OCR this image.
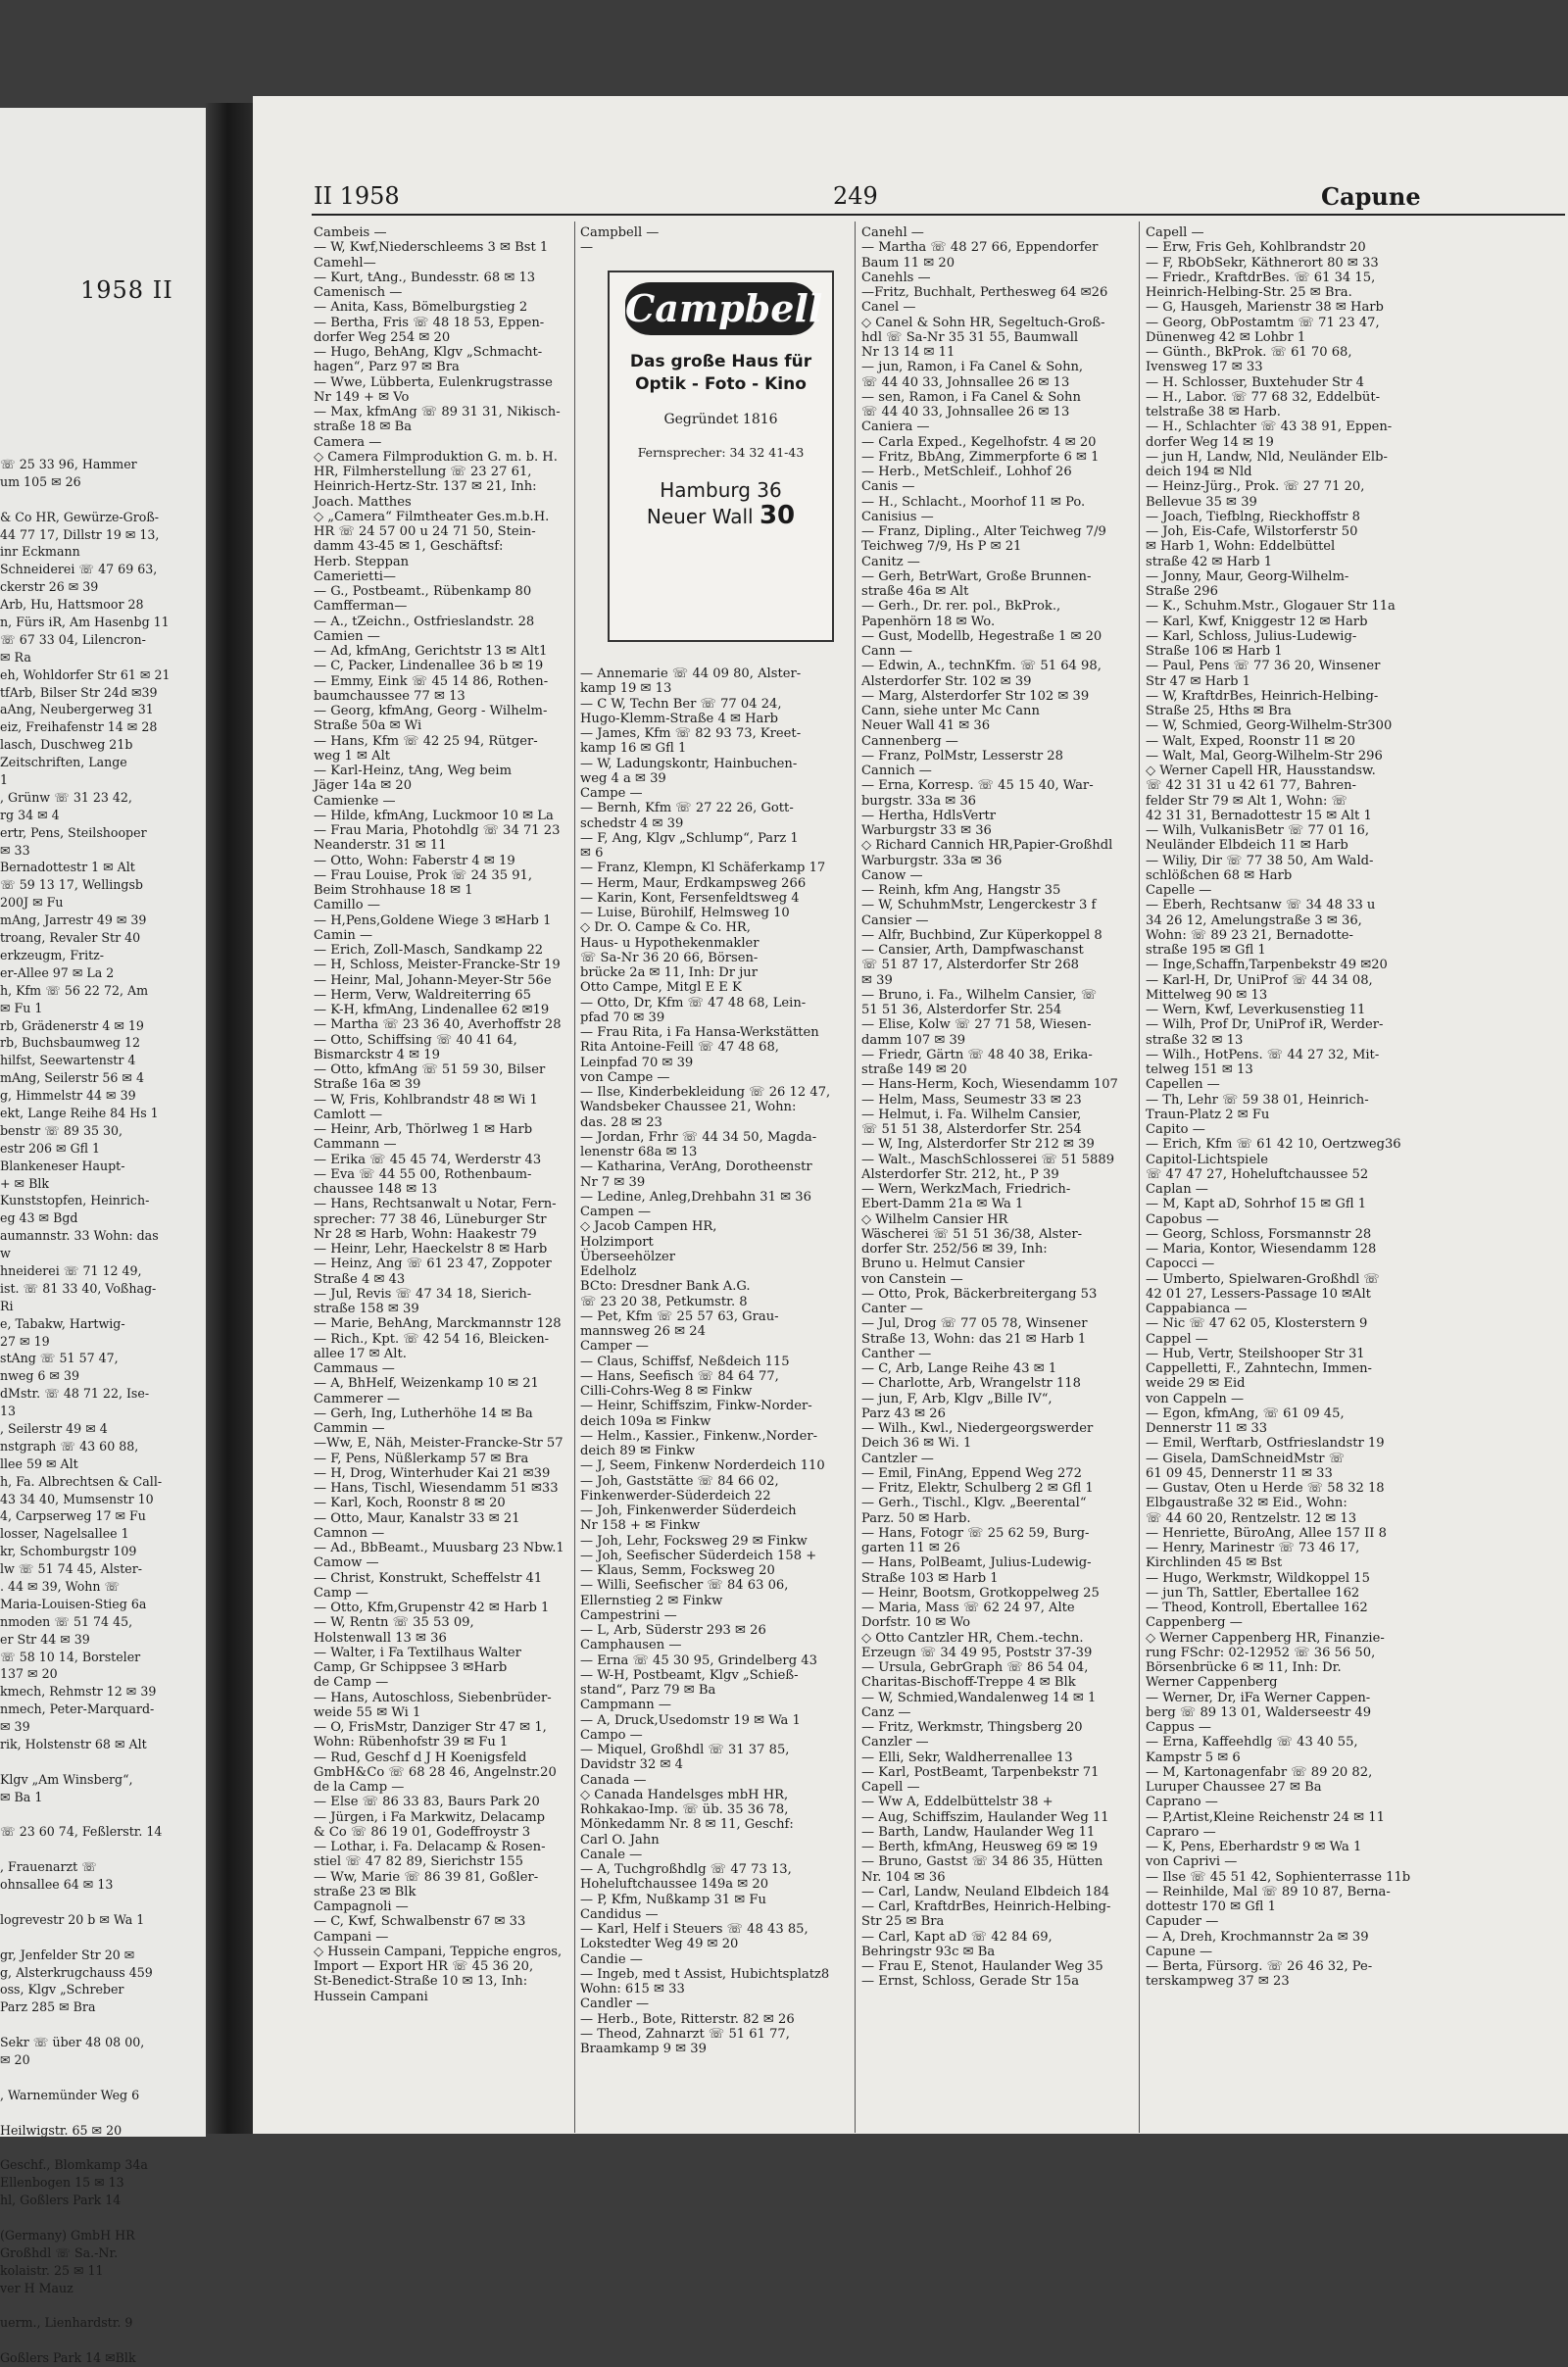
1958 II
☏ 25 33 96, Hammer
um 105 ✉ 26
& Co HR, Gewürze-Groß-
44 77 17, Dillstr 19 ✉ 13,
inr Eckmann
Schneiderei ☏ 47 69 63,
ckerstr 26 ✉ 39
Arb, Hu, Hattsmoor 28
n, Fürs iR, Am Hasenbg 11
☏ 67 33 04, Lilencron-
✉ Ra
eh, Wohldorfer Str 61 ✉ 21
tfArb, Bilser Str 24d ✉39
aAng, Neubergerweg 31
eiz, Freihafenstr 14 ✉ 28
lasch, Duschweg 21b
Zeitschriften, Lange
1
, Grünw ☏ 31 23 42,
rg 34 ✉ 4
ertr, Pens, Steilshooper
✉ 33
Bernadottestr 1 ✉ Alt
☏ 59 13 17, Wellingsb
200J ✉ Fu
mAng, Jarrestr 49 ✉ 39
troang, Revaler Str 40
erkzeugm, Fritz-
er-Allee 97 ✉ La 2
h, Kfm ☏ 56 22 72, Am
✉ Fu 1
rb, Grädenerstr 4 ✉ 19
rb, Buchsbaumweg 12
hilfst, Seewartenstr 4
mAng, Seilerstr 56 ✉ 4
g, Himmelstr 44 ✉ 39
ekt, Lange Reihe 84 Hs 1
benstr ☏ 89 35 30,
estr 206 ✉ Gfl 1
Blankeneser Haupt-
+ ✉ Blk
Kunststopfen, Heinrich-
eg 43 ✉ Bgd
aumannstr. 33 Wohn: das
w
hneiderei ☏ 71 12 49,
ist. ☏ 81 33 40, Voßhag-
Ri
e, Tabakw, Hartwig-
27 ✉ 19
stAng ☏ 51 57 47,
nweg 6 ✉ 39
dMstr. ☏ 48 71 22, Ise-
13
, Seilerstr 49 ✉ 4
nstgraph ☏ 43 60 88,
llee 59 ✉ Alt
h, Fa. Albrechtsen & Call-
43 34 40, Mumsenstr 10
4, Carpserweg 17 ✉ Fu
losser, Nagelsallee 1
kr, Schomburgstr 109
lw ☏ 51 74 45, Alster-
. 44 ✉ 39, Wohn ☏
Maria-Louisen-Stieg 6a
nmoden ☏ 51 74 45,
er Str 44 ✉ 39
☏ 58 10 14, Borsteler
137 ✉ 20
kmech, Rehmstr 12 ✉ 39
nmech, Peter-Marquard-
✉ 39
rik, Holstenstr 68 ✉ Alt
Klgv „Am Winsberg“,
✉ Ba 1
☏ 23 60 74, Feßlerstr. 14
, Frauenarzt ☏
ohnsallee 64 ✉ 13
logrevestr 20 b ✉ Wa 1
gr, Jenfelder Str 20 ✉
g, Alsterkrugchauss 459
oss, Klgv „Schreber
Parz 285 ✉ Bra
Sekr ☏ über 48 08 00,
✉ 20
, Warnemünder Weg 6
Heilwigstr. 65 ✉ 20
Geschf., Blomkamp 34a
Ellenbogen 15 ✉ 13
hl, Goßlers Park 14
(Germany) GmbH HR
Großhdl ☏ Sa.-Nr.
kolaistr. 25 ✉ 11
ver H Mauz
uerm., Lienhardstr. 9
Goßlers Park 14 ✉Blk
II 1958	249	Capune
Cambeis —
— W, Kwf,Niederschleems 3 ✉ Bst 1
Camehl—
— Kurt, tAng., Bundesstr. 68 ✉ 13
Camenisch —
— Anita, Kass, Bömelburgstieg 2
— Bertha, Fris ☏ 48 18 53, Eppen-
dorfer Weg 254 ✉ 20
— Hugo, BehAng, Klgv „Schmacht-
hagen“, Parz 97 ✉ Bra
— Wwe, Lübberta, Eulenkrugstrasse
Nr 149 + ✉ Vo
— Max, kfmAng ☏ 89 31 31, Nikisch-
straße 18 ✉ Ba
Camera —
◇ Camera Filmproduktion G. m. b. H.
HR, Filmherstellung ☏ 23 27 61,
Heinrich-Hertz-Str. 137 ✉ 21, Inh:
Joach. Matthes
◇ „Camera“ Filmtheater Ges.m.b.H.
HR ☏ 24 57 00 u 24 71 50, Stein-
damm 43-45 ✉ 1, Geschäftsf:
Herb. Steppan
Camerietti—
— G., Postbeamt., Rübenkamp 80
Camfferman—
— A., tZeichn., Ostfrieslandstr. 28
Camien —
— Ad, kfmAng, Gerichtstr 13 ✉ Alt1
— C, Packer, Lindenallee 36 b ✉ 19
— Emmy, Eink ☏ 45 14 86, Rothen-
baumchaussee 77 ✉ 13
— Georg, kfmAng, Georg - Wilhelm-
Straße 50a ✉ Wi
— Hans, Kfm ☏ 42 25 94, Rütger-
weg 1 ✉ Alt
— Karl-Heinz, tAng, Weg beim
Jäger 14a ✉ 20
Camienke —
— Hilde, kfmAng, Luckmoor 10 ✉ La
— Frau Maria, Photohdlg ☏ 34 71 23
Neanderstr. 31 ✉ 11
— Otto, Wohn: Faberstr 4 ✉ 19
— Frau Louise, Prok ☏ 24 35 91,
Beim Strohhause 18 ✉ 1
Camillo —
— H,Pens,Goldene Wiege 3 ✉Harb 1
Camin —
— Erich, Zoll-Masch, Sandkamp 22
— H, Schloss, Meister-Francke-Str 19
— Heinr, Mal, Johann-Meyer-Str 56e
— Herm, Verw, Waldreiterring 65
— K-H, kfmAng, Lindenallee 62 ✉19
— Martha ☏ 23 36 40, Averhoffstr 28
— Otto, Schiffsing ☏ 40 41 64,
Bismarckstr 4 ✉ 19
— Otto, kfmAng ☏ 51 59 30, Bilser
Straße 16a ✉ 39
— W, Fris, Kohlbrandstr 48 ✉ Wi 1
Camlott —
— Heinr, Arb, Thörlweg 1 ✉ Harb
Cammann —
— Erika ☏ 45 45 74, Werderstr 43
— Eva ☏ 44 55 00, Rothenbaum-
chaussee 148 ✉ 13
— Hans, Rechtsanwalt u Notar, Fern-
sprecher: 77 38 46, Lüneburger Str
Nr 28 ✉ Harb, Wohn: Haakestr 79
— Heinr, Lehr, Haeckelstr 8 ✉ Harb
— Heinz, Ang ☏ 61 23 47, Zoppoter
Straße 4 ✉ 43
— Jul, Revis ☏ 47 34 18, Sierich-
straße 158 ✉ 39
— Marie, BehAng, Marckmannstr 128
— Rich., Kpt. ☏ 42 54 16, Bleicken-
allee 17 ✉ Alt.
Cammaus —
— A, BhHelf, Weizenkamp 10 ✉ 21
Cammerer —
— Gerh, Ing, Lutherhöhe 14 ✉ Ba
Cammin —
—Ww, E, Näh, Meister-Francke-Str 57
— F, Pens, Nüßlerkamp 57 ✉ Bra
— H, Drog, Winterhuder Kai 21 ✉39
— Hans, Tischl, Wiesendamm 51 ✉33
— Karl, Koch, Roonstr 8 ✉ 20
— Otto, Maur, Kanalstr 33 ✉ 21
Camnon —
— Ad., BbBeamt., Muusbarg 23 Nbw.1
Camow —
— Christ, Konstrukt, Scheffelstr 41
Camp —
— Otto, Kfm,Grupenstr 42 ✉ Harb 1
— W, Rentn ☏ 35 53 09,
Holstenwall 13 ✉ 36
— Walter, i Fa Textilhaus Walter
Camp, Gr Schippsee 3 ✉Harb
de Camp —
— Hans, Autoschloss, Siebenbrüder-
weide 55 ✉ Wi 1
— O, FrisMstr, Danziger Str 47 ✉ 1,
Wohn: Rübenhofstr 39 ✉ Fu 1
— Rud, Geschf d J H Koenigsfeld
GmbH&Co ☏ 68 28 46, Angelnstr.20
de la Camp —
— Else ☏ 86 33 83, Baurs Park 20
— Jürgen, i Fa Markwitz, Delacamp
& Co ☏ 86 19 01, Godeffroystr 3
— Lothar, i. Fa. Delacamp & Rosen-
stiel ☏ 47 82 89, Sierichstr 155
— Ww, Marie ☏ 86 39 81, Goßler-
straße 23 ✉ Blk
Campagnoli —
— C, Kwf, Schwalbenstr 67 ✉ 33
Campani —
◇ Hussein Campani, Teppiche engros,
Import — Export HR ☏ 45 36 20,
St-Benedict-Straße 10 ✉ 13, Inh:
Hussein Campani
Campbell —
—
Campbell
Das große Haus für
Optik - Foto - Kino
Gegründet 1816
Fernsprecher: 34 32 41-43
Hamburg 36
Neuer Wall 30
— Annemarie ☏ 44 09 80, Alster-
kamp 19 ✉ 13
— C W, Techn Ber ☏ 77 04 24,
Hugo-Klemm-Straße 4 ✉ Harb
— James, Kfm ☏ 82 93 73, Kreet-
kamp 16 ✉ Gfl 1
— W, Ladungskontr, Hainbuchen-
weg 4 a ✉ 39
Campe —
— Bernh, Kfm ☏ 27 22 26, Gott-
schedstr 4 ✉ 39
— F, Ang, Klgv „Schlump“, Parz 1
✉ 6
— Franz, Klempn, Kl Schäferkamp 17
— Herm, Maur, Erdkampsweg 266
— Karin, Kont, Fersenfeldtsweg 4
— Luise, Bürohilf, Helmsweg 10
◇ Dr. O. Campe & Co. HR,
Haus- u Hypothekenmakler
☏ Sa-Nr 36 20 66, Börsen-
brücke 2a ✉ 11, Inh: Dr jur
Otto Campe, Mitgl E E K
— Otto, Dr, Kfm ☏ 47 48 68, Lein-
pfad 70 ✉ 39
— Frau Rita, i Fa Hansa-Werkstätten
Rita Antoine-Feill ☏ 47 48 68,
Leinpfad 70 ✉ 39
von Campe —
— Ilse, Kinderbekleidung ☏ 26 12 47,
Wandsbeker Chaussee 21, Wohn:
das. 28 ✉ 23
— Jordan, Frhr ☏ 44 34 50, Magda-
lenenstr 68a ✉ 13
— Katharina, VerAng, Dorotheenstr
Nr 7 ✉ 39
— Ledine, Anleg,Drehbahn 31 ✉ 36
Campen —
◇ Jacob Campen HR,
Holzimport
Überseehölzer
Edelholz
BCto: Dresdner Bank A.G.
☏ 23 20 38, Petkumstr. 8
— Pet, Kfm ☏ 25 57 63, Grau-
mannsweg 26 ✉ 24
Camper —
— Claus, Schiffsf, Neßdeich 115
— Hans, Seefisch ☏ 84 64 77,
Cilli-Cohrs-Weg 8 ✉ Finkw
— Heinr, Schiffszim, Finkw-Norder-
deich 109a ✉ Finkw
— Helm., Kassier., Finkenw.,Norder-
deich 89 ✉ Finkw
— J, Seem, Finkenw Norderdeich 110
— Joh, Gaststätte ☏ 84 66 02,
Finkenwerder-Süderdeich 22
— Joh, Finkenwerder Süderdeich
Nr 158 + ✉ Finkw
— Joh, Lehr, Focksweg 29 ✉ Finkw
— Joh, Seefischer Süderdeich 158 +
— Klaus, Semm, Focksweg 20
— Willi, Seefischer ☏ 84 63 06,
Ellernstieg 2 ✉ Finkw
Campestrini —
— L, Arb, Süderstr 293 ✉ 26
Camphausen —
— Erna ☏ 45 30 95, Grindelberg 43
— W-H, Postbeamt, Klgv „Schieß-
stand“, Parz 79 ✉ Ba
Campmann —
— A, Druck,Usedomstr 19 ✉ Wa 1
Campo —
— Miquel, Großhdl ☏ 31 37 85,
Davidstr 32 ✉ 4
Canada —
◇ Canada Handelsges mbH HR,
Rohkakao-Imp. ☏ üb. 35 36 78,
Mönkedamm Nr. 8 ✉ 11, Geschf:
Carl O. Jahn
Canale —
— A, Tuchgroßhdlg ☏ 47 73 13,
Hoheluftchaussee 149a ✉ 20
— P, Kfm, Nußkamp 31 ✉ Fu
Candidus —
— Karl, Helf i Steuers ☏ 48 43 85,
Lokstedter Weg 49 ✉ 20
Candie —
— Ingeb, med t Assist, Hubichtsplatz8
Wohn: 615 ✉ 33
Candler —
— Herb., Bote, Ritterstr. 82 ✉ 26
— Theod, Zahnarzt ☏ 51 61 77,
Braamkamp 9 ✉ 39
Canehl —
— Martha ☏ 48 27 66, Eppendorfer
Baum 11 ✉ 20
Canehls —
—Fritz, Buchhalt, Perthesweg 64 ✉26
Canel —
◇ Canel & Sohn HR, Segeltuch-Groß-
hdl ☏ Sa-Nr 35 31 55, Baumwall
Nr 13 14 ✉ 11
— jun, Ramon, i Fa Canel & Sohn,
☏ 44 40 33, Johnsallee 26 ✉ 13
— sen, Ramon, i Fa Canel & Sohn
☏ 44 40 33, Johnsallee 26 ✉ 13
Caniera —
— Carla Exped., Kegelhofstr. 4 ✉ 20
— Fritz, BbAng, Zimmerpforte 6 ✉ 1
— Herb., MetSchleif., Lohhof 26
Canis —
— H., Schlacht., Moorhof 11 ✉ Po.
Canisius —
— Franz, Dipling., Alter Teichweg 7/9
Teichweg 7/9, Hs P ✉ 21
Canitz —
— Gerh, BetrWart, Große Brunnen-
straße 46a ✉ Alt
— Gerh., Dr. rer. pol., BkProk.,
Papenhörn 18 ✉ Wo.
— Gust, Modellb, Hegestraße 1 ✉ 20
Cann —
— Edwin, A., technKfm. ☏ 51 64 98,
Alsterdorfer Str. 102 ✉ 39
— Marg, Alsterdorfer Str 102 ✉ 39
Cann, siehe unter Mc Cann
Neuer Wall 41 ✉ 36
Cannenberg —
— Franz, PolMstr, Lesserstr 28
Cannich —
— Erna, Korresp. ☏ 45 15 40, War-
burgstr. 33a ✉ 36
— Hertha, HdlsVertr
Warburgstr 33 ✉ 36
◇ Richard Cannich HR,Papier-Großhdl
Warburgstr. 33a ✉ 36
Canow —
— Reinh, kfm Ang, Hangstr 35
— W, SchuhmMstr, Lengerckestr 3 f
Cansier —
— Alfr, Buchbind, Zur Küperkoppel 8
— Cansier, Arth, Dampfwaschanst
☏ 51 87 17, Alsterdorfer Str 268
✉ 39
— Bruno, i. Fa., Wilhelm Cansier, ☏
51 51 36, Alsterdorfer Str. 254
— Elise, Kolw ☏ 27 71 58, Wiesen-
damm 107 ✉ 39
— Friedr, Gärtn ☏ 48 40 38, Erika-
straße 149 ✉ 20
— Hans-Herm, Koch, Wiesendamm 107
— Helm, Mass, Seumestr 33 ✉ 23
— Helmut, i. Fa. Wilhelm Cansier,
☏ 51 51 38, Alsterdorfer Str. 254
— W, Ing, Alsterdorfer Str 212 ✉ 39
— Walt., MaschSchlosserei ☏ 51 5889
Alsterdorfer Str. 212, ht., P 39
— Wern, WerkzMach, Friedrich-
Ebert-Damm 21a ✉ Wa 1
◇ Wilhelm Cansier HR
Wäscherei ☏ 51 51 36/38, Alster-
dorfer Str. 252/56 ✉ 39, Inh:
Bruno u. Helmut Cansier
von Canstein —
— Otto, Prok, Bäckerbreitergang 53
Canter —
— Jul, Drog ☏ 77 05 78, Winsener
Straße 13, Wohn: das 21 ✉ Harb 1
Canther —
— C, Arb, Lange Reihe 43 ✉ 1
— Charlotte, Arb, Wrangelstr 118
— jun, F, Arb, Klgv „Bille IV“,
Parz 43 ✉ 26
— Wilh., Kwl., Niedergeorgswerder
Deich 36 ✉ Wi. 1
Cantzler —
— Emil, FinAng, Eppend Weg 272
— Fritz, Elektr, Schulberg 2 ✉ Gfl 1
— Gerh., Tischl., Klgv. „Beerental“
Parz. 50 ✉ Harb.
— Hans, Fotogr ☏ 25 62 59, Burg-
garten 11 ✉ 26
— Hans, PolBeamt, Julius-Ludewig-
Straße 103 ✉ Harb 1
— Heinr, Bootsm, Grotkoppelweg 25
— Maria, Mass ☏ 62 24 97, Alte
Dorfstr. 10 ✉ Wo
◇ Otto Cantzler HR, Chem.-techn.
Erzeugn ☏ 34 49 95, Poststr 37-39
— Ursula, GebrGraph ☏ 86 54 04,
Charitas-Bischoff-Treppe 4 ✉ Blk
— W, Schmied,Wandalenweg 14 ✉ 1
Canz —
— Fritz, Werkmstr, Thingsberg 20
Canzler —
— Elli, Sekr, Waldherrenallee 13
— Karl, PostBeamt, Tarpenbekstr 71
Capell —
— Ww A, Eddelbüttelstr 38 +
— Aug, Schiffszim, Haulander Weg 11
— Barth, Landw, Haulander Weg 11
— Berth, kfmAng, Heusweg 69 ✉ 19
— Bruno, Gastst ☏ 34 86 35, Hütten
Nr. 104 ✉ 36
— Carl, Landw, Neuland Elbdeich 184
— Carl, KraftdrBes, Heinrich-Helbing-
Str 25 ✉ Bra
— Carl, Kapt aD ☏ 42 84 69,
Behringstr 93c ✉ Ba
— Frau E, Stenot, Haulander Weg 35
— Ernst, Schloss, Gerade Str 15a
Capell —
— Erw, Fris Geh, Kohlbrandstr 20
— F, RbObSekr, Käthnerort 80 ✉ 33
— Friedr., KraftdrBes. ☏ 61 34 15,
Heinrich-Helbing-Str. 25 ✉ Bra.
— G, Hausgeh, Marienstr 38 ✉ Harb
— Georg, ObPostamtm ☏ 71 23 47,
Dünenweg 42 ✉ Lohbr 1
— Günth., BkProk. ☏ 61 70 68,
Ivensweg 17 ✉ 33
— H. Schlosser, Buxtehuder Str 4
— H., Labor. ☏ 77 68 32, Eddelbüt-
telstraße 38 ✉ Harb.
— H., Schlachter ☏ 43 38 91, Eppen-
dorfer Weg 14 ✉ 19
— jun H, Landw, Nld, Neuländer Elb-
deich 194 ✉ Nld
— Heinz-Jürg., Prok. ☏ 27 71 20,
Bellevue 35 ✉ 39
— Joach, Tiefblng, Rieckhoffstr 8
— Joh, Eis-Cafe, Wilstorferstr 50
✉ Harb 1, Wohn: Eddelbüttel
straße 42 ✉ Harb 1
— Jonny, Maur, Georg-Wilhelm-
Straße 296
— K., Schuhm.Mstr., Glogauer Str 11a
— Karl, Kwf, Kniggestr 12 ✉ Harb
— Karl, Schloss, Julius-Ludewig-
Straße 106 ✉ Harb 1
— Paul, Pens ☏ 77 36 20, Winsener
Str 47 ✉ Harb 1
— W, KraftdrBes, Heinrich-Helbing-
Straße 25, Hths ✉ Bra
— W, Schmied, Georg-Wilhelm-Str300
— Walt, Exped, Roonstr 11 ✉ 20
— Walt, Mal, Georg-Wilhelm-Str 296
◇ Werner Capell HR, Hausstandsw.
☏ 42 31 31 u 42 61 77, Bahren-
felder Str 79 ✉ Alt 1, Wohn: ☏
42 31 31, Bernadottestr 15 ✉ Alt 1
— Wilh, VulkanisBetr ☏ 77 01 16,
Neuländer Elbdeich 11 ✉ Harb
— Wiliy, Dir ☏ 77 38 50, Am Wald-
schlößchen 68 ✉ Harb
Capelle —
— Eberh, Rechtsanw ☏ 34 48 33 u
34 26 12, Amelungstraße 3 ✉ 36,
Wohn: ☏ 89 23 21, Bernadotte-
straße 195 ✉ Gfl 1
— Inge,Schaffn,Tarpenbekstr 49 ✉20
— Karl-H, Dr, UniProf ☏ 44 34 08,
Mittelweg 90 ✉ 13
— Wern, Kwf, Leverkusenstieg 11
— Wilh, Prof Dr, UniProf iR, Werder-
straße 32 ✉ 13
— Wilh., HotPens. ☏ 44 27 32, Mit-
telweg 151 ✉ 13
Capellen —
— Th, Lehr ☏ 59 38 01, Heinrich-
Traun-Platz 2 ✉ Fu
Capito —
— Erich, Kfm ☏ 61 42 10, Oertzweg36
Capitol-Lichtspiele
☏ 47 47 27, Hoheluftchaussee 52
Caplan —
— M, Kapt aD, Sohrhof 15 ✉ Gfl 1
Capobus —
— Georg, Schloss, Forsmannstr 28
— Maria, Kontor, Wiesendamm 128
Capocci —
— Umberto, Spielwaren-Großhdl ☏
42 01 27, Lessers-Passage 10 ✉Alt
Cappabianca —
— Nic ☏ 47 62 05, Klosterstern 9
Cappel —
— Hub, Vertr, Steilshooper Str 31
Cappelletti, F., Zahntechn, Immen-
weide 29 ✉ Eid
von Cappeln —
— Egon, kfmAng, ☏ 61 09 45,
Dennerstr 11 ✉ 33
— Emil, Werftarb, Ostfrieslandstr 19
— Gisela, DamSchneidMstr ☏
61 09 45, Dennerstr 11 ✉ 33
— Gustav, Oten u Herde ☏ 58 32 18
Elbgaustraße 32 ✉ Eid., Wohn:
☏ 44 60 20, Rentzelstr. 12 ✉ 13
— Henriette, BüroAng, Allee 157 II 8
— Henry, Marinestr ☏ 73 46 17,
Kirchlinden 45 ✉ Bst
— Hugo, Werkmstr, Wildkoppel 15
— jun Th, Sattler, Ebertallee 162
— Theod, Kontroll, Ebertallee 162
Cappenberg —
◇ Werner Cappenberg HR, Finanzie-
rung FSchr: 02-12952 ☏ 36 56 50,
Börsenbrücke 6 ✉ 11, Inh: Dr.
Werner Cappenberg
— Werner, Dr, iFa Werner Cappen-
berg ☏ 89 13 01, Walderseestr 49
Cappus —
— Erna, Kaffeehdlg ☏ 43 40 55,
Kampstr 5 ✉ 6
— M, Kartonagenfabr ☏ 89 20 82,
Luruper Chaussee 27 ✉ Ba
Caprano —
— P,Artist,Kleine Reichenstr 24 ✉ 11
Capraro —
— K, Pens, Eberhardstr 9 ✉ Wa 1
von Caprivi —
— Ilse ☏ 45 51 42, Sophienterrasse 11b
— Reinhilde, Mal ☏ 89 10 87, Berna-
dottestr 170 ✉ Gfl 1
Capuder —
— A, Dreh, Krochmannstr 2a ✉ 39
Capune —
— Berta, Fürsorg. ☏ 26 46 32, Pe-
terskampweg 37 ✉ 23
